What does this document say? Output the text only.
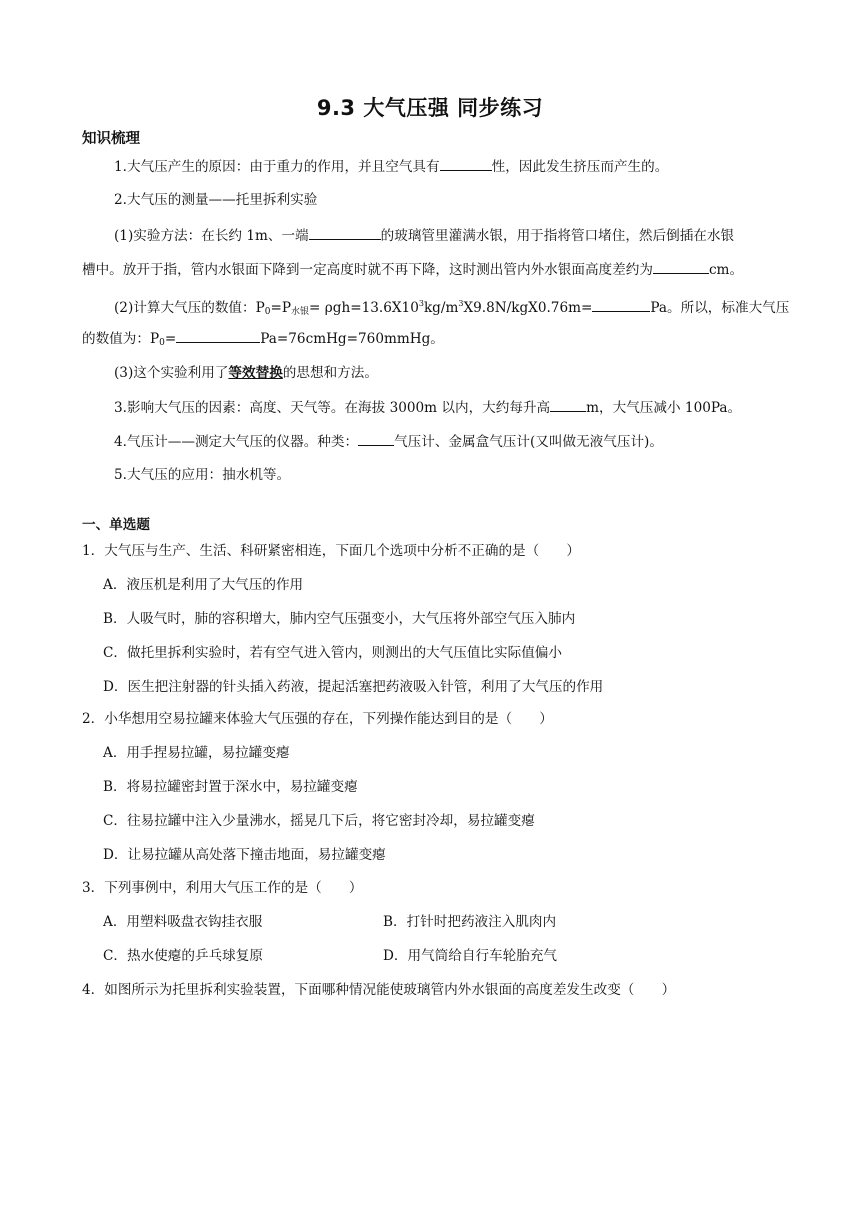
9.3 大气压强 同步练习
知识梳理
1.大气压产生的原因：由于重力的作用，并且空气具有	性，因此发生挤压而产生的。
2.大气压的测量——托里拆利实验
(1)实验方法：在长约 1m、一端	的玻璃管里灌满水银，用于指将管口堵住，然后倒插在水银
槽中。放开于指，管内水银面下降到一定高度时就不再下降，这时测出管内外水银面高度差约为	cm。
(2)计算大气压的数值：$P_0=P_{水银}= \rho gh=13.6X10^3kg/m^3X9.8N/kgX0.76m=$	Pa。所以，标准大气压
的数值为：$P_0=$	Pa=76cmHg=760mmHg。
(3)这个实验利用了等效替换的思想和方法。
3.影响大气压的因素：高度、天气等。在海拔 3000m 以内，大约每升高	m，大气压减小 100Pa。
4.气压计——测定大气压的仪器。种类：	气压计、金属盒气压计(又叫做无液气压计)。
5.大气压的应用：抽水机等。
一、单选题
1．大气压与生产、生活、科研紧密相连，下面几个选项中分析不正确的是（　　）
A．液压机是利用了大气压的作用
B．人吸气时，肺的容积增大，肺内空气压强变小，大气压将外部空气压入肺内
C．做托里拆利实验时，若有空气进入管内，则测出的大气压值比实际值偏小
D．医生把注射器的针头插入药液，提起活塞把药液吸入针管，利用了大气压的作用
2．小华想用空易拉罐来体验大气压强的存在，下列操作能达到目的是（　　）
A．用手捏易拉罐，易拉罐变瘪
B．将易拉罐密封置于深水中，易拉罐变瘪
C．往易拉罐中注入少量沸水，摇晃几下后，将它密封冷却，易拉罐变瘪
D．让易拉罐从高处落下撞击地面，易拉罐变瘪
3．下列事例中，利用大气压工作的是（　　）
A．用塑料吸盘衣钩挂衣服	B．打针时把药液注入肌肉内
C．热水使瘪的乒乓球复原	D．用气筒给自行车轮胎充气
4．如图所示为托里拆利实验装置，下面哪种情况能使玻璃管内外水银面的高度差发生改变（　　）
